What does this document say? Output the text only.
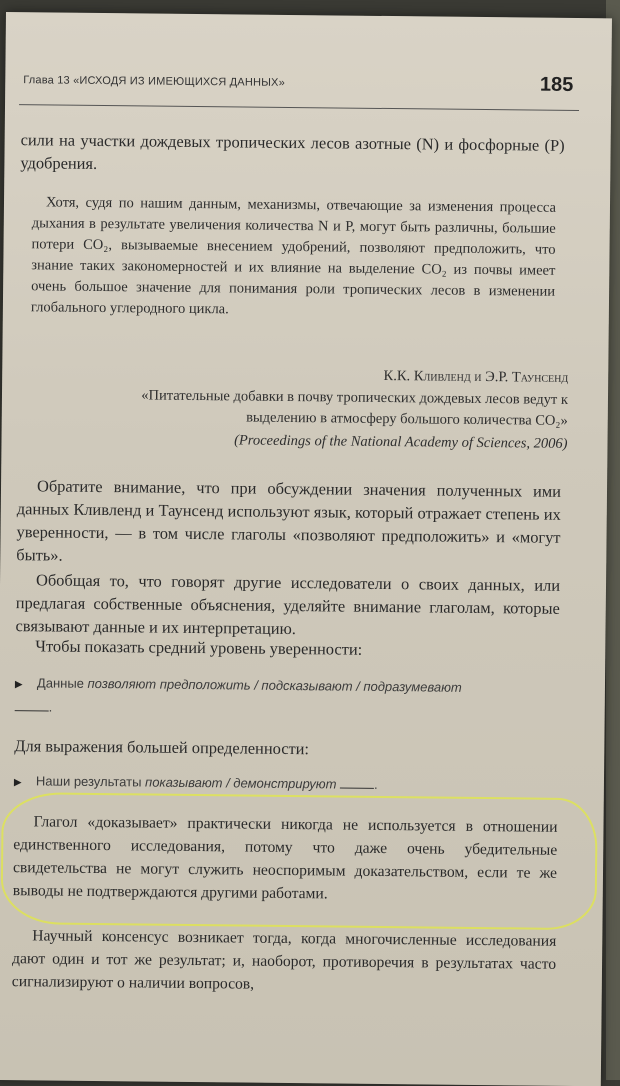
Глава 13 «ИСХОДЯ ИЗ ИМЕЮЩИХСЯ ДАННЫХ»	185

сили на участки дождевых тропических лесов азотные (N) и фосфорные (P) удобрения.

Хотя, судя по нашим данным, механизмы, отвечающие за изменения процесса дыхания в результате увеличения количества N и P, могут быть различны, большие потери CO₂, вызываемые внесением удобрений, позволяют предположить, что знание таких закономерностей и их влияние на выделение CO₂ из почвы имеет очень большое значение для понимания роли тропических лесов в изменении глобального углеродного цикла.

К.К. Кливленд и Э.Р. Таунсенд

«Питательные добавки в почву тропических дождевых лесов ведут к выделению в атмосферу большого количества CO₂»

(Proceedings of the National Academy of Sciences, 2006)

Обратите внимание, что при обсуждении значения полученных ими данных Кливленд и Таунсенд используют язык, который отражает степень их уверенности, — в том числе глаголы «позволяют предположить» и «могут быть».

Обобщая то, что говорят другие исследователи о своих данных, или предлагая собственные объяснения, уделяйте внимание глаголам, которые связывают данные и их интерпретацию.

Чтобы показать средний уровень уверенности:

▶ Данные позволяют предположить / подсказывают / подразумевают
.

Для выражения большей определенности:

▶ Наши результаты показывают / демонстрируют	.

Глагол «доказывает» практически никогда не используется в отношении единственного исследования, потому что даже очень убедительные свидетельства не могут служить неоспоримым доказательством, если те же выводы не подтверждаются другими работами.

Научный консенсус возникает тогда, когда многочисленные исследования дают один и тот же результат; и, наоборот, противоречия в результатах часто сигнализируют о наличии вопросов,
